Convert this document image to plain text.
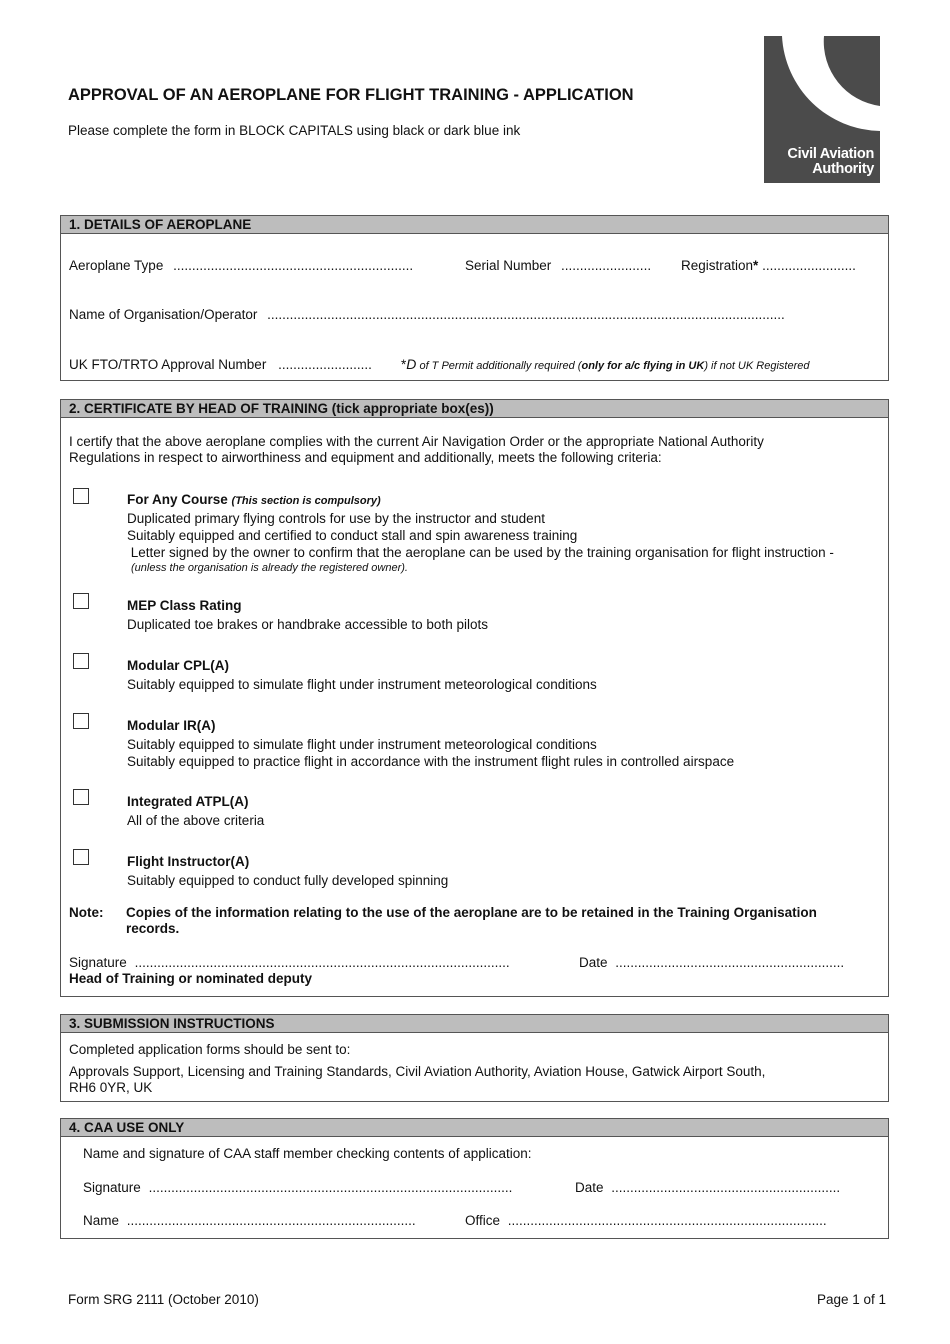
APPROVAL OF AN AEROPLANE FOR FLIGHT TRAINING - APPLICATION
Please complete the form in BLOCK CAPITALS using black or dark blue ink
Civil Aviation
Authority
1. DETAILS OF AEROPLANE
Aeroplane Type ................................................................	Serial Number ........................ Registration* .........................
Name of Organisation/Operator ..........................................................................................................................................
UK FTO/TRTO Approval Number ......................... *D of T Permit additionally required (only for a/c flying in UK) if not UK Registered
2. CERTIFICATE BY HEAD OF TRAINING (tick appropriate box(es))
I certify that the above aeroplane complies with the current Air Navigation Order or the appropriate National Authority
Regulations in respect to airworthiness and equipment and additionally, meets the following criteria:
For Any Course (This section is compulsory)
Duplicated primary flying controls for use by the instructor and student
Suitably equipped and certified to conduct stall and spin awareness training
Letter signed by the owner to confirm that the aeroplane can be used by the training organisation for flight instruction -
(unless the organisation is already the registered owner).
MEP Class Rating
Duplicated toe brakes or handbrake accessible to both pilots
Modular CPL(A)
Suitably equipped to simulate flight under instrument meteorological conditions
Modular IR(A)
Suitably equipped to simulate flight under instrument meteorological conditions
Suitably equipped to practice flight in accordance with the instrument flight rules in controlled airspace
Integrated ATPL(A)
All of the above criteria
Flight Instructor(A)
Suitably equipped to conduct fully developed spinning
Note: Copies of the information relating to the use of the aeroplane are to be retained in the Training Organisation
records.
Signature ....................................................................................................	Date .............................................................
Head of Training or nominated deputy
3. SUBMISSION INSTRUCTIONS
Completed application forms should be sent to:
Approvals Support, Licensing and Training Standards, Civil Aviation Authority, Aviation House, Gatwick Airport South,
RH6 0YR, UK
4. CAA USE ONLY
Name and signature of CAA staff member checking contents of application:
Signature .................................................................................................	Date .............................................................
Name .............................................................................	Office .....................................................................................
Form SRG 2111 (October 2010)	Page 1 of 1
